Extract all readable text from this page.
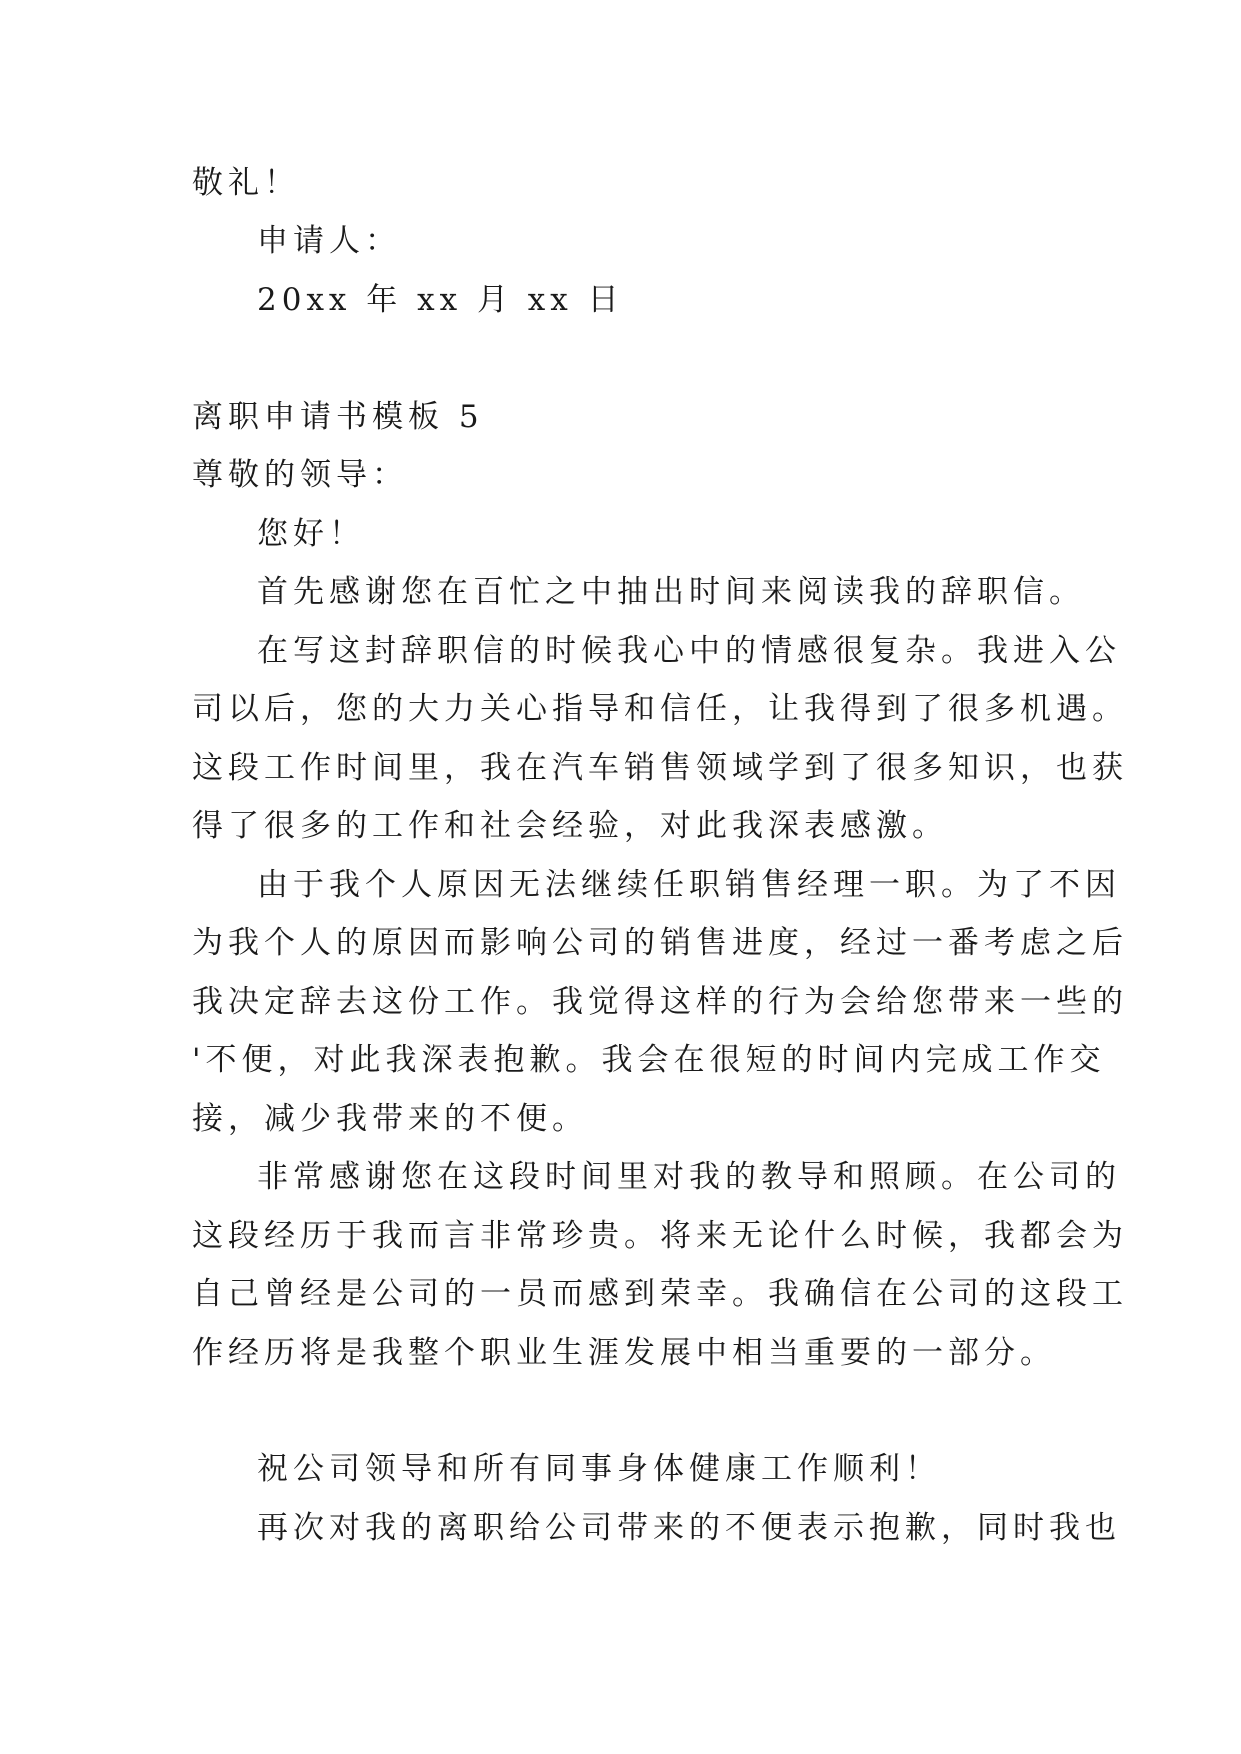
敬礼！
申请人：
20xx 年 xx 月 xx 日
离职申请书模板 5
尊敬的领导：
您好！
首先感谢您在百忙之中抽出时间来阅读我的辞职信。
在写这封辞职信的时候我心中的情感很复杂。我进入公
司以后，您的大力关心指导和信任，让我得到了很多机遇。
这段工作时间里，我在汽车销售领域学到了很多知识，也获
得了很多的工作和社会经验，对此我深表感激。
由于我个人原因无法继续任职销售经理一职。为了不因
为我个人的原因而影响公司的销售进度，经过一番考虑之后
我决定辞去这份工作。我觉得这样的行为会给您带来一些的
'不便，对此我深表抱歉。我会在很短的时间内完成工作交
接，减少我带来的不便。
非常感谢您在这段时间里对我的教导和照顾。在公司的
这段经历于我而言非常珍贵。将来无论什么时候，我都会为
自己曾经是公司的一员而感到荣幸。我确信在公司的这段工
作经历将是我整个职业生涯发展中相当重要的一部分。
祝公司领导和所有同事身体健康工作顺利！
再次对我的离职给公司带来的不便表示抱歉，同时我也
